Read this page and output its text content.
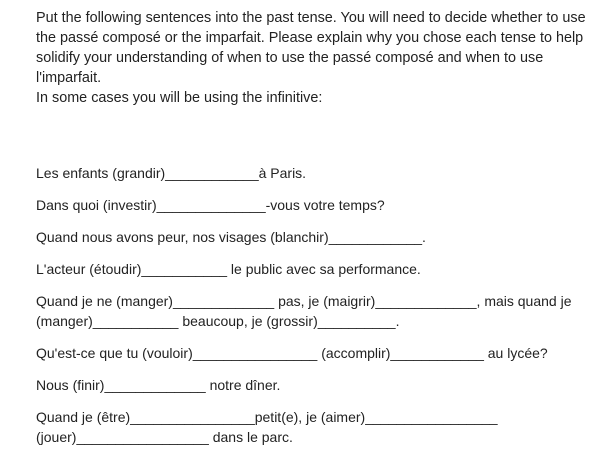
Put the following sentences into the past tense. You will need to decide whether to use
the passé composé or the imparfait. Please explain why you chose each tense to help
solidify your understanding of when to use the passé composé and when to use l'imparfait.
In some cases you will be using the infinitive:

Les enfants (grandir)____________à Paris.

Dans quoi (investir)______________-vous votre temps?

Quand nous avons peur, nos visages (blanchir)____________.

L'acteur (étoudir)___________ le public avec sa performance.

Quand je ne (manger)_____________ pas, je (maigrir)_____________, mais quand je
(manger)___________ beaucoup, je (grossir)__________.

Qu'est-ce que tu (vouloir)________________ (accomplir)____________ au lycée?

Nous (finir)_____________ notre dîner.

Quand je (être)________________petit(e), je (aimer)_________________
(jouer)_________________ dans le parc.
